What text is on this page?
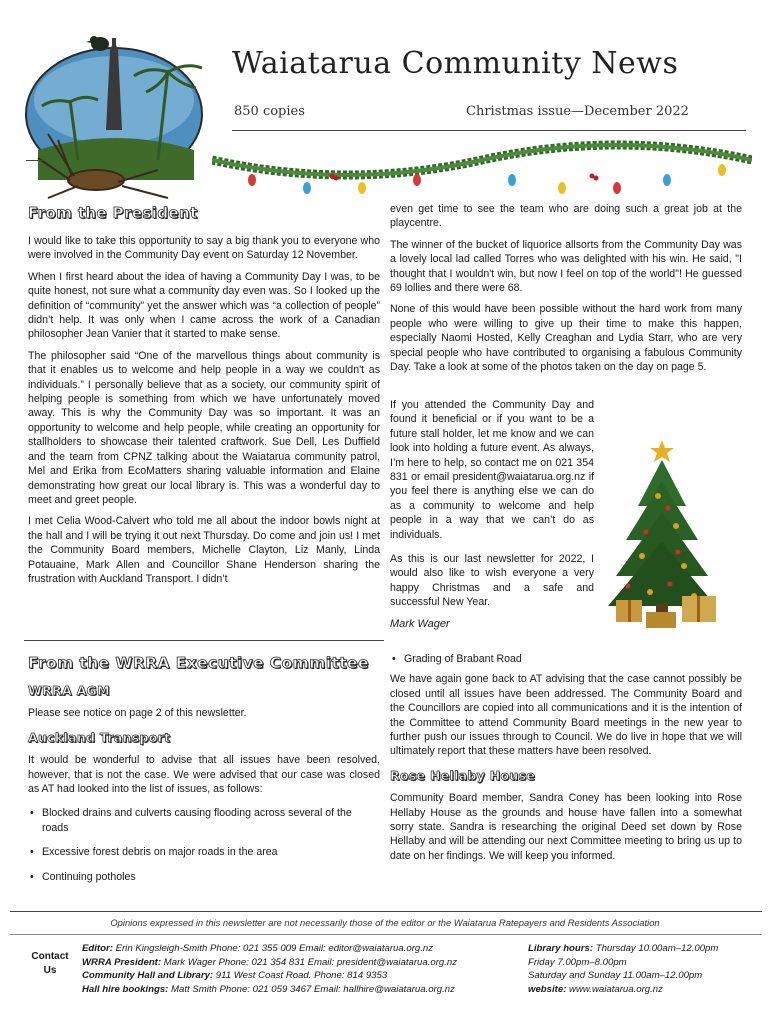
Waiatarua Community News
850 copies	Christmas issue—December 2022
From the President

I would like to take this opportunity to say a big thank you to everyone who were involved in the Community Day event on Saturday 12 November.

When I first heard about the idea of having a Community Day I was, to be quite honest, not sure what a community day even was. So I looked up the definition of “community” yet the answer which was “a collection of people” didn’t help. It was only when I came across the work of a Canadian philosopher Jean Vanier that it started to make sense.

The philosopher said “One of the marvellous things about community is that it enables us to welcome and help people in a way we couldn't as individuals.” I personally believe that as a society, our community spirit of helping people is something from which we have unfortunately moved away. This is why the Community Day was so important. It was an opportunity to welcome and help people, while creating an opportunity for stallholders to showcase their talented craftwork. Sue Dell, Les Duffield and the team from CPNZ talking about the Waiatarua community patrol, Mel and Erika from EcoMatters sharing valuable information and Elaine demonstrating how great our local library is. This was a wonderful day to meet and greet people.

I met Celia Wood-Calvert who told me all about the indoor bowls night at the hall and I will be trying it out next Thursday. Do come and join us! I met the Community Board members, Michelle Clayton, Liz Manly, Linda Potauaine, Mark Allen and Councillor Shane Henderson sharing the frustration with Auckland Transport. I didn’t

even get time to see the team who are doing such a great job at the playcentre.

The winner of the bucket of liquorice allsorts from the Community Day was a lovely local lad called Torres who was delighted with his win. He said, "I thought that I wouldn't win, but now I feel on top of the world"! He guessed 69 lollies and there were 68.

None of this would have been possible without the hard work from many people who were willing to give up their time to make this happen, especially Naomi Hosted, Kelly Creaghan and Lydia Starr, who are very special people who have contributed to organising a fabulous Community Day. Take a look at some of the photos taken on the day on page 5.

If you attended the Community Day and found it beneficial or if you want to be a future stall holder, let me know and we can look into holding a future event. As always, I’m here to help, so contact me on 021 354 831 or email president@waiatarua.org.nz if you feel there is anything else we can do as a community to welcome and help people in a way that we can’t do as individuals.

As this is our last newsletter for 2022, I would also like to wish everyone a very happy Christmas and a safe and successful New Year.

Mark Wager
From the WRRA Executive Committee
WRRA AGM

Please see notice on page 2 of this newsletter.

Auckland Transport

It would be wonderful to advise that all issues have been resolved, however, that is not the case. We were advised that our case was closed as AT had looked into the list of issues, as follows:

• Blocked drains and culverts causing flooding across several of the roads
• Excessive forest debris on major roads in the area
• Continuing potholes
• Grading of Brabant Road

We have again gone back to AT advising that the case cannot possibly be closed until all issues have been addressed. The Community Board and the Councillors are copied into all communications and it is the intention of the Committee to attend Community Board meetings in the new year to further push our issues through to Council. We do live in hope that we will ultimately report that these matters have been resolved.

Rose Hellaby House

Community Board member, Sandra Coney has been looking into Rose Hellaby House as the grounds and house have fallen into a somewhat sorry state. Sandra is researching the original Deed set down by Rose Hellaby and will be attending our next Committee meeting to bring us up to date on her findings. We will keep you informed.

Opinions expressed in this newsletter are not necessarily those of the editor or the Waiatarua Ratepayers and Residents Association
Contact Us
Editor: Erin Kingsleigh-Smith Phone: 021 355 009 Email: editor@waiatarua.org.nz
WRRA President: Mark Wager Phone: 021 354 831 Email: president@waiatarua.org.nz
Community Hall and Library: 911 West Coast Road. Phone: 814 9353
Hall hire bookings: Matt Smith Phone: 021 059 3467 Email: hallhire@waiatarua.org.nz
Library hours: Thursday 10.00am–12.00pm
Friday 7.00pm–8.00pm
Saturday and Sunday 11.00am–12.00pm
website: www.waiatarua.org.nz
